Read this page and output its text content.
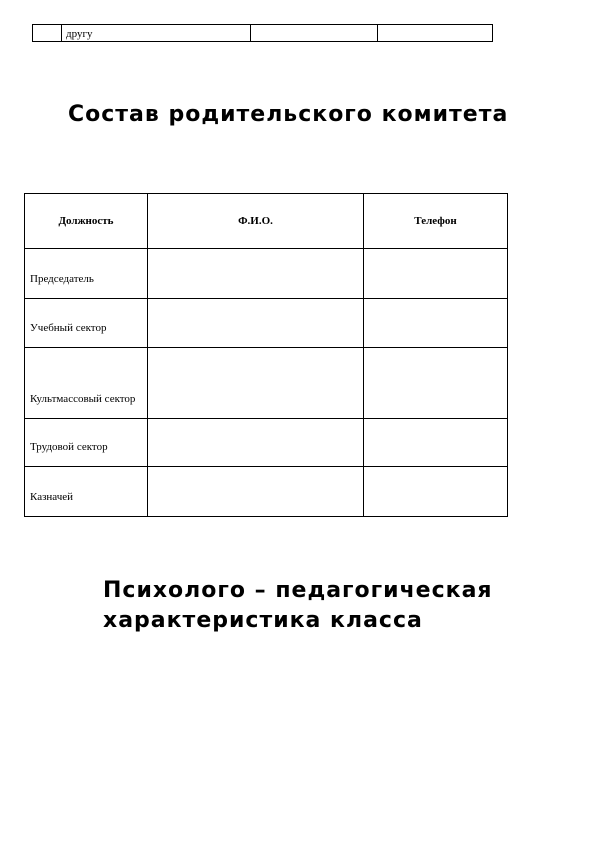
	другу		
Состав родительского комитета
Должность	Ф.И.О.	Телефон
Председатель		
Учебный сектор		
Культмассовый сектор		
Трудовой сектор		
Казначей		
Психолого – педагогическая
характеристика класса
